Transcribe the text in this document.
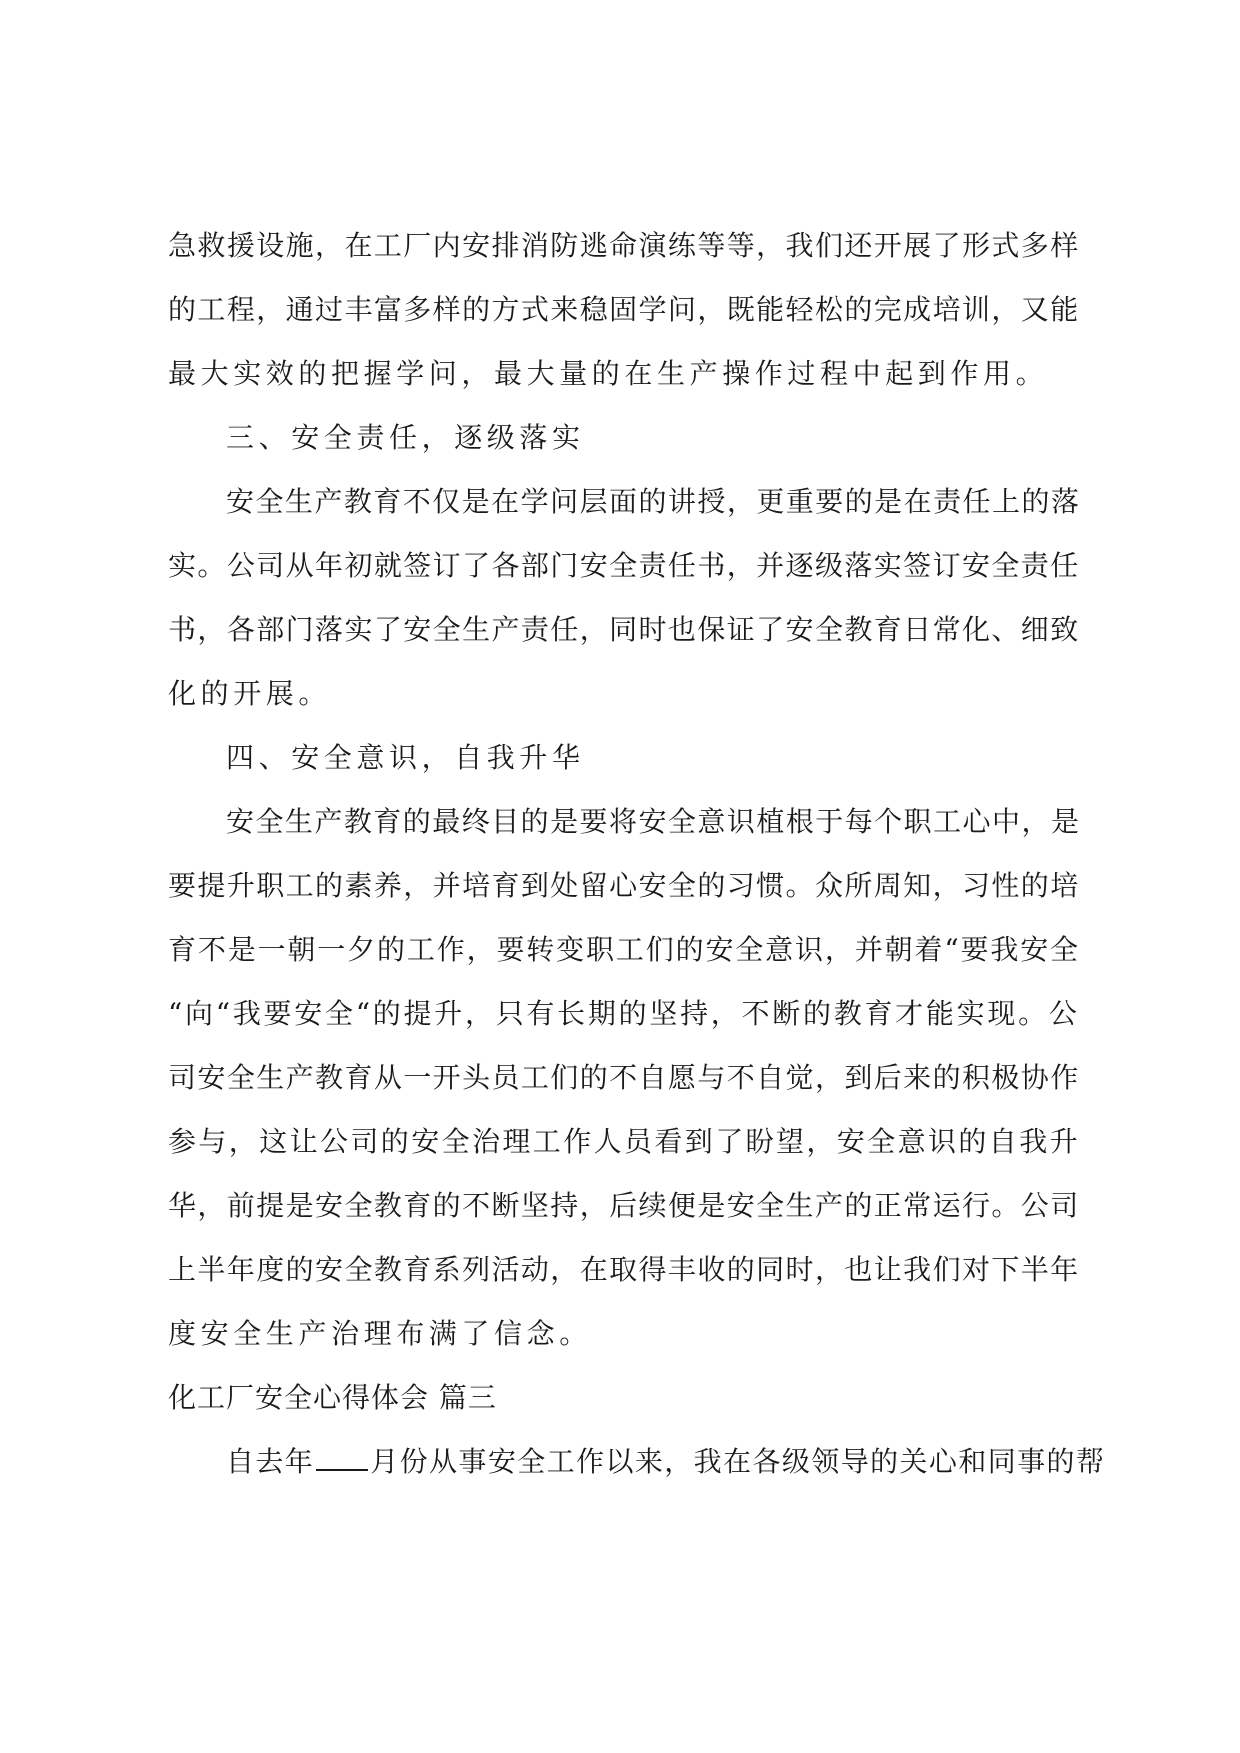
急救援设施，在工厂内安排消防逃命演练等等，我们还开展了形式多样
的工程，通过丰富多样的方式来稳固学问，既能轻松的完成培训，又能
最大实效的把握学问，最大量的在生产操作过程中起到作用。
三、安全责任，逐级落实
安全生产教育不仅是在学问层面的讲授，更重要的是在责任上的落
实。公司从年初就签订了各部门安全责任书，并逐级落实签订安全责任
书，各部门落实了安全生产责任，同时也保证了安全教育日常化、细致
化的开展。
四、安全意识，自我升华
安全生产教育的最终目的是要将安全意识植根于每个职工心中，是
要提升职工的素养，并培育到处留心安全的习惯。众所周知，习性的培
育不是一朝一夕的工作，要转变职工们的安全意识，并朝着“要我安全
“向“我要安全“的提升，只有长期的坚持，不断的教育才能实现。公
司安全生产教育从一开头员工们的不自愿与不自觉，到后来的积极协作
参与，这让公司的安全治理工作人员看到了盼望，安全意识的自我升
华，前提是安全教育的不断坚持，后续便是安全生产的正常运行。公司
上半年度的安全教育系列活动，在取得丰收的同时，也让我们对下半年
度安全生产治理布满了信念。
化工厂安全心得体会 篇三
自去年 月份从事安全工作以来，我在各级领导的关心和同事的帮
